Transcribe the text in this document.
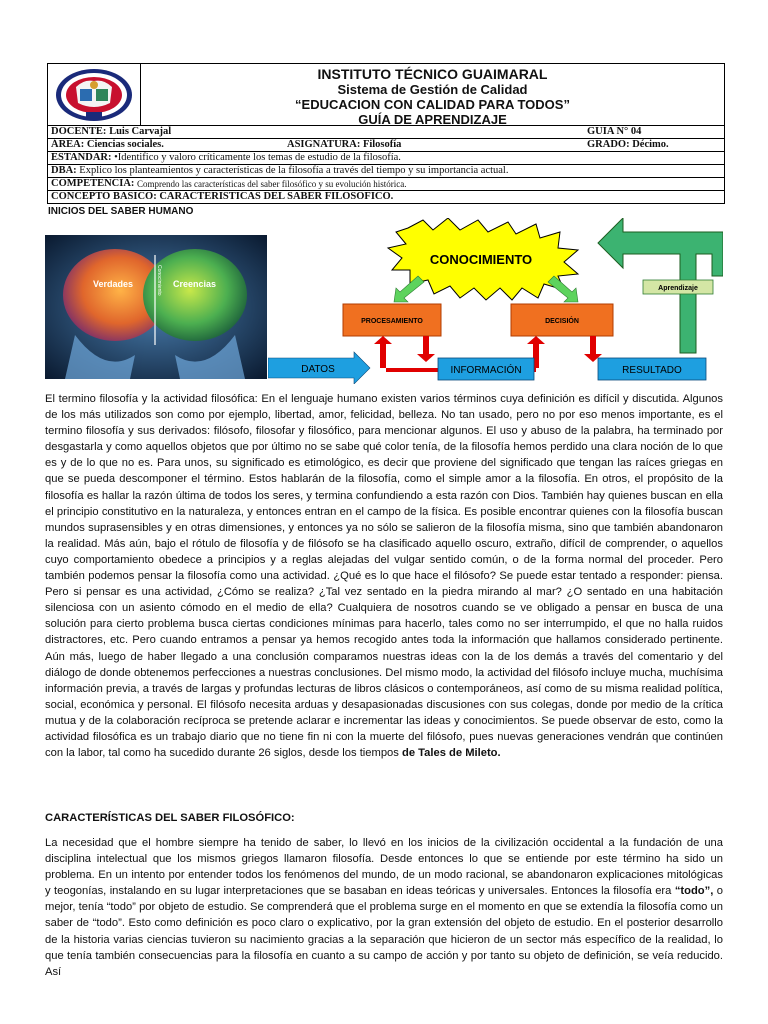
INSTITUTO TÉCNICO GUAIMARAL
Sistema de Gestión de Calidad
“EDUCACION CON CALIDAD PARA TODOS”
GUÍA DE APRENDIZAJE
DOCENTE: Luis Carvajal	GUIA N° 04
ÁREA: Ciencias sociales.	ASIGNATURA: Filosofía	GRADO: Décimo.
ESTANDAR:
•Identifico y valoro críticamente los temas de estudio de la filosofía.
DBA:
Explico los planteamientos y características de la filosofía a través del tiempo y su importancia actual.
COMPETENCIA:
Comprendo las características del saber filosófico y su evolución histórica.
CONCEPTO BASICO: CARACTERISTICAS DEL SABER FILOSOFICO.
INICIOS DEL SABER HUMANO
Verdades	Creencias
Conocimiento
CONOCIMIENTO
Aprendizaje
PROCESAMIENTO	DECISIÓN
DATOS	INFORMACIÓN	RESULTADO
El termino filosofía y la actividad filosófica: En el lenguaje humano existen varios términos cuya definición es difícil y discutida. Algunos de los más utilizados son como por ejemplo, libertad, amor, felicidad, belleza. No tan usado, pero no por eso menos importante, es el termino filosofía y sus derivados: filósofo, filosofar y filosófico, para mencionar algunos. El uso y abuso de la palabra, ha terminado por desgastarla y como aquellos objetos que por último no se sabe qué color tenía, de la filosofía hemos perdido una clara noción de lo que es y de lo que no es. Para unos, su significado es etimológico, es decir que proviene del significado que tengan las raíces griegas en que se pueda descomponer el término. Estos hablarán de la filosofía, como el simple amor a la filosofía. En otros, el propósito de la filosofía es hallar la razón última de todos los seres, y termina confundiendo a esta razón con Dios. También hay quienes buscan en ella el principio constitutivo en la naturaleza, y entonces entran en el campo de la física. Es posible encontrar quienes con la filosofía buscan mundos suprasensibles y en otras dimensiones, y entonces ya no sólo se salieron de la filosofía misma, sino que también abandonaron la realidad. Más aún, bajo el rótulo de filosofía y de filósofo se ha clasificado aquello oscuro, extraño, difícil de comprender, o aquellos cuyo comportamiento obedece a principios y a reglas alejadas del vulgar sentido común, o de la forma normal del proceder. Pero también podemos pensar la filosofía como una actividad. ¿Qué es lo que hace el filósofo? Se puede estar tentado a responder: piensa. Pero si pensar es una actividad, ¿Cómo se realiza? ¿Tal vez sentado en la piedra mirando al mar? ¿O sentado en una habitación silenciosa con un asiento cómodo en el medio de ella? Cualquiera de nosotros cuando se ve obligado a pensar en busca de una solución para cierto problema busca ciertas condiciones mínimas para hacerlo, tales como no ser interrumpido, el que no halla ruidos distractores, etc. Pero cuando entramos a pensar ya hemos recogido antes toda la información que hallamos considerado pertinente. Aún más, luego de haber llegado a una conclusión comparamos nuestras ideas con la de los demás a través del comentario y del diálogo de donde obtenemos perfecciones a nuestras conclusiones. Del mismo modo, la actividad del filósofo incluye mucha, muchísima información previa, a través de largas y profundas lecturas de libros clásicos o contemporáneos, así como de su misma realidad política, social, económica y personal. El filósofo necesita arduas y desapasionadas discusiones con sus colegas, donde por medio de la crítica mutua y de la colaboración recíproca se pretende aclarar e incrementar las ideas y conocimientos. Se puede observar de esto, como la actividad filosófica es un trabajo diario que no tiene fin ni con la muerte del filósofo, pues nuevas generaciones vendrán que continúen con la labor, tal como ha sucedido durante 26 siglos, desde los tiempos de Tales de Mileto.
CARACTERÍSTICAS DEL SABER FILOSÓFICO:
La necesidad que el hombre siempre ha tenido de saber, lo llevó en los inicios de la civilización occidental a la fundación de una disciplina intelectual que los mismos griegos llamaron filosofía. Desde entonces lo que se entiende por este término ha sido un problema. En un intento por entender todos los fenómenos del mundo, de un modo racional, se abandonaron explicaciones mitológicas y teogonías, instalando en su lugar interpretaciones que se basaban en ideas teóricas y universales. Entonces la filosofía era “todo”, o mejor, tenía “todo” por objeto de estudio. Se comprenderá que el problema surge en el momento en que se extendía la filosofía como un saber de “todo”. Esto como definición es poco claro o explicativo, por la gran extensión del objeto de estudio. En el posterior desarrollo de la historia varias ciencias tuvieron su nacimiento gracias a la separación que hicieron de un sector más específico de la realidad, lo que tenía también consecuencias para la filosofía en cuanto a su campo de acción y por tanto su objeto de definición, se veía reducido. Así
